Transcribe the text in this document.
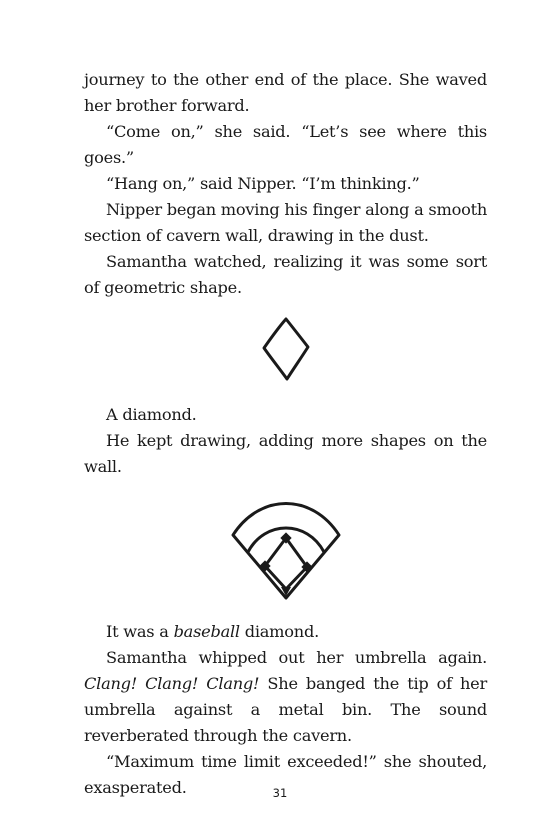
journey to the other end of the place. She waved her brother forward.

“Come on,” she said. “Let’s see where this goes.”

“Hang on,” said Nipper. “I’m thinking.”

Nipper began moving his finger along a smooth section of cavern wall, drawing in the dust.

Samantha watched, realizing it was some sort of geometric shape.

A diamond.

He kept drawing, adding more shapes on the wall.

It was a baseball diamond.

Samantha whipped out her umbrella again. Clang! Clang! Clang! She banged the tip of her umbrella against a metal bin. The sound reverberated through the cavern.

“Maximum time limit exceeded!” she shouted, exasperated.	31
